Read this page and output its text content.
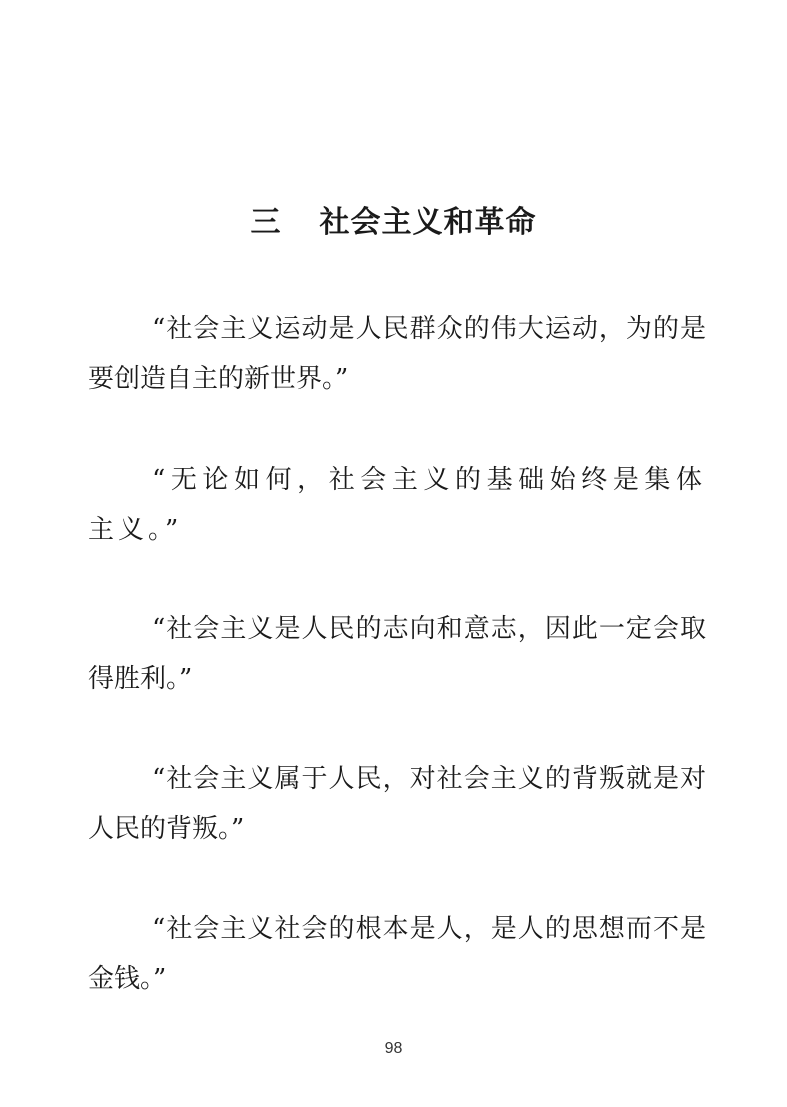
三 社会主义和革命

“社会主义运动是人民群众的伟大运动，为的是要创造自主的新世界。”

“无论如何，社会主义的基础始终是集体主义。”

“社会主义是人民的志向和意志，因此一定会取得胜利。”

“社会主义属于人民，对社会主义的背叛就是对人民的背叛。”

“社会主义社会的根本是人，是人的思想而不是金钱。”

98
